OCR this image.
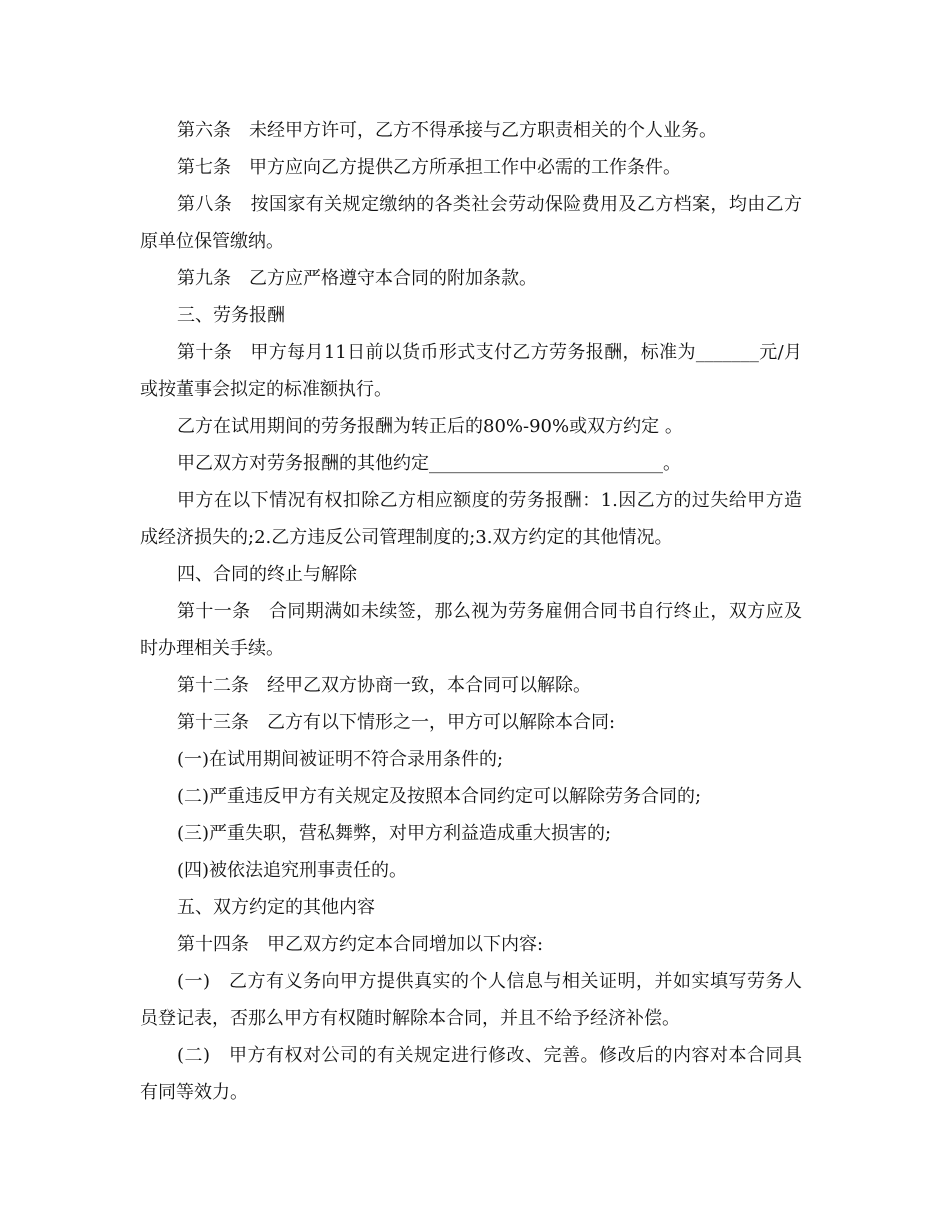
第六条　未经甲方许可，乙方不得承接与乙方职责相关的个人业务。

第七条　甲方应向乙方提供乙方所承担工作中必需的工作条件。

第八条　按国家有关规定缴纳的各类社会劳动保险费用及乙方档案，均由乙方原单位保管缴纳。

第九条　乙方应严格遵守本合同的附加条款。

三、劳务报酬

第十条　甲方每月11日前以货币形式支付乙方劳务报酬，标准为_______元/月或按董事会拟定的标准额执行。

乙方在试用期间的劳务报酬为转正后的80%-90%或双方约定 。

甲乙双方对劳务报酬的其他约定__________________________。

甲方在以下情况有权扣除乙方相应额度的劳务报酬：1.因乙方的过失给甲方造成经济损失的;2.乙方违反公司管理制度的;3.双方约定的其他情况。

四、合同的终止与解除

第十一条　合同期满如未续签，那么视为劳务雇佣合同书自行终止，双方应及时办理相关手续。

第十二条　经甲乙双方协商一致，本合同可以解除。

第十三条　乙方有以下情形之一，甲方可以解除本合同:

(一)在试用期间被证明不符合录用条件的;

(二)严重违反甲方有关规定及按照本合同约定可以解除劳务合同的;

(三)严重失职，营私舞弊，对甲方利益造成重大损害的;

(四)被依法追究刑事责任的。

五、双方约定的其他内容

第十四条　甲乙双方约定本合同增加以下内容:

(一)　乙方有义务向甲方提供真实的个人信息与相关证明，并如实填写劳务人员登记表，否那么甲方有权随时解除本合同，并且不给予经济补偿。

(二)　甲方有权对公司的有关规定进行修改、完善。修改后的内容对本合同具有同等效力。
